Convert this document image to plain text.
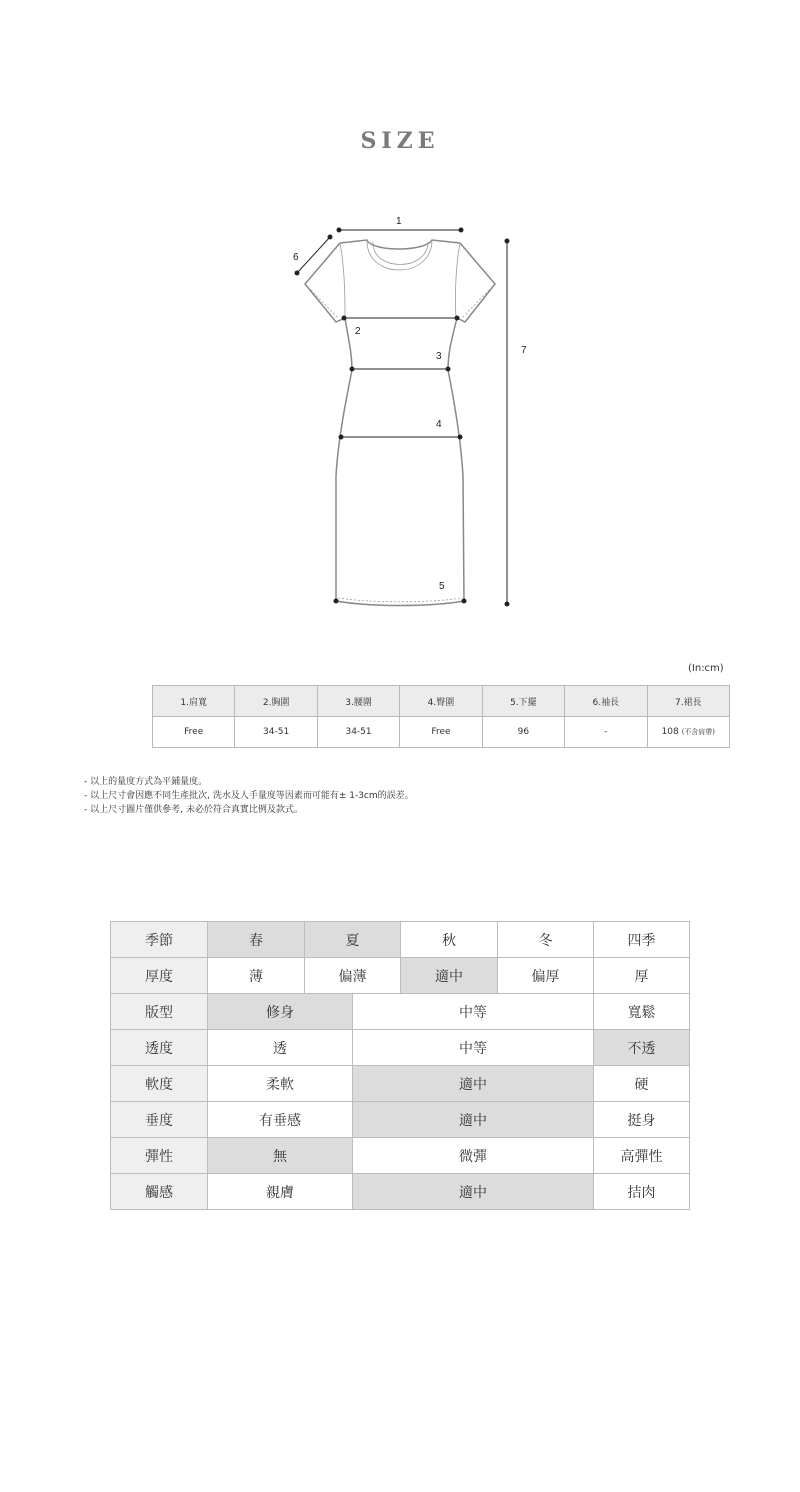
SIZE
1
2
3
4
5
6
7
(In:cm)
1.肩寬	2.胸圍	3.腰圍	4.臀圍	5.下擺	6.袖長	7.裙長
Free	34-51	34-51	Free	96	-	108 (不含肩帶)
- 以上的量度方式為平鋪量度。
- 以上尺寸會因應不同生產批次, 洗水及人手量度等因素而可能有± 1-3cm的誤差。
- 以上尺寸圖片僅供參考, 未必於符合真實比例及款式。
季節	春	夏		秋	冬	四季
厚度	薄	偏薄		適中	偏厚	厚
版型	修身		中等			寬鬆
透度	透		中等			不透
軟度	柔軟		適中			硬
垂度	有垂感		適中			挺身
彈性	無		微彈			高彈性
觸感	親膚		適中			拮肉
